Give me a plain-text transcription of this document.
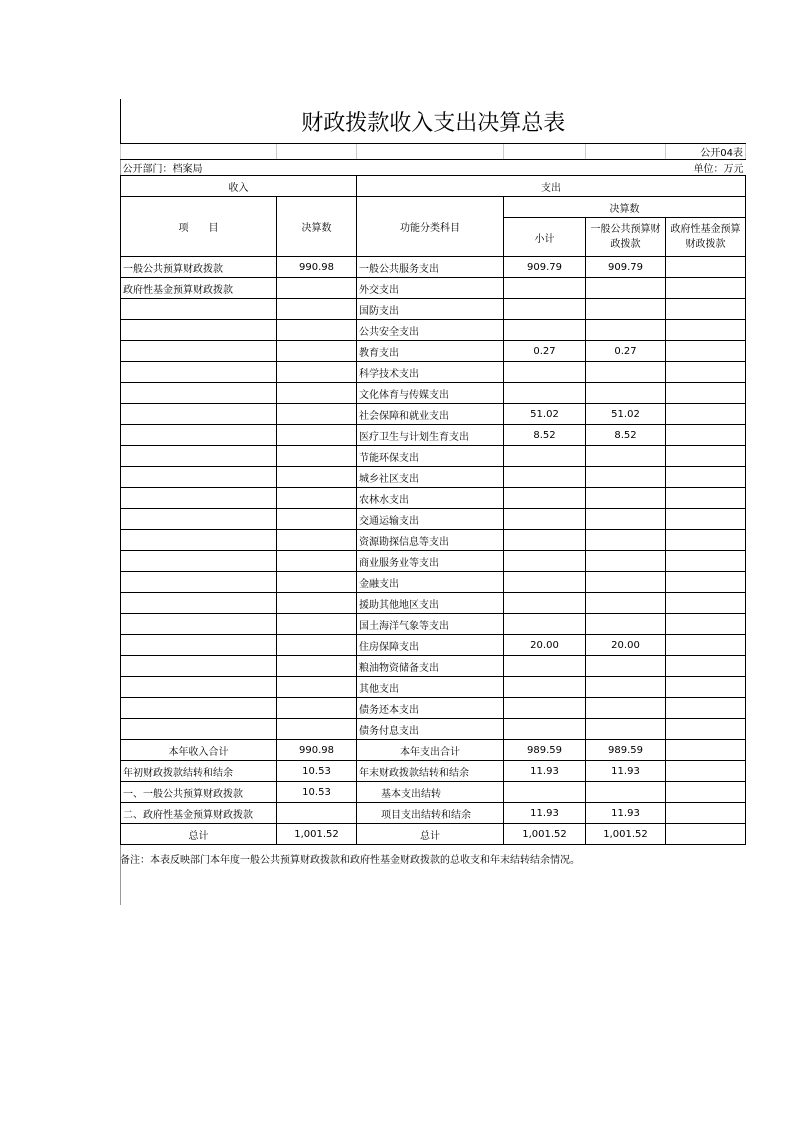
财政拨款收入支出决算总表					
					公开04表
公开部门：档案局					单位：万元
收入		支出			
项　　目	决算数	功能分类科目	决算数		
			小计	一般公共预算财政拨款	政府性基金预算财政拨款
一般公共预算财政拨款	990.98	一般公共服务支出	909.79	909.79	
政府性基金预算财政拨款		外交支出			
		国防支出			
		公共安全支出			
		教育支出	0.27	0.27	
		科学技术支出			
		文化体育与传媒支出			
		社会保障和就业支出	51.02	51.02	
		医疗卫生与计划生育支出	8.52	8.52	
		节能环保支出			
		城乡社区支出			
		农林水支出			
		交通运输支出			
		资源勘探信息等支出			
		商业服务业等支出			
		金融支出			
		援助其他地区支出			
		国土海洋气象等支出			
		住房保障支出	20.00	20.00	
		粮油物资储备支出			
		其他支出			
		债务还本支出			
		债务付息支出			
本年收入合计	990.98	本年支出合计	989.59	989.59	
年初财政拨款结转和结余	10.53	年末财政拨款结转和结余	11.93	11.93	
一、一般公共预算财政拨款	10.53	基本支出结转			
二、政府性基金预算财政拨款		项目支出结转和结余	11.93	11.93	
总计	1,001.52	总计	1,001.52	1,001.52	
备注：本表反映部门本年度一般公共预算财政拨款和政府性基金财政拨款的总收支和年末结转结余情况。
